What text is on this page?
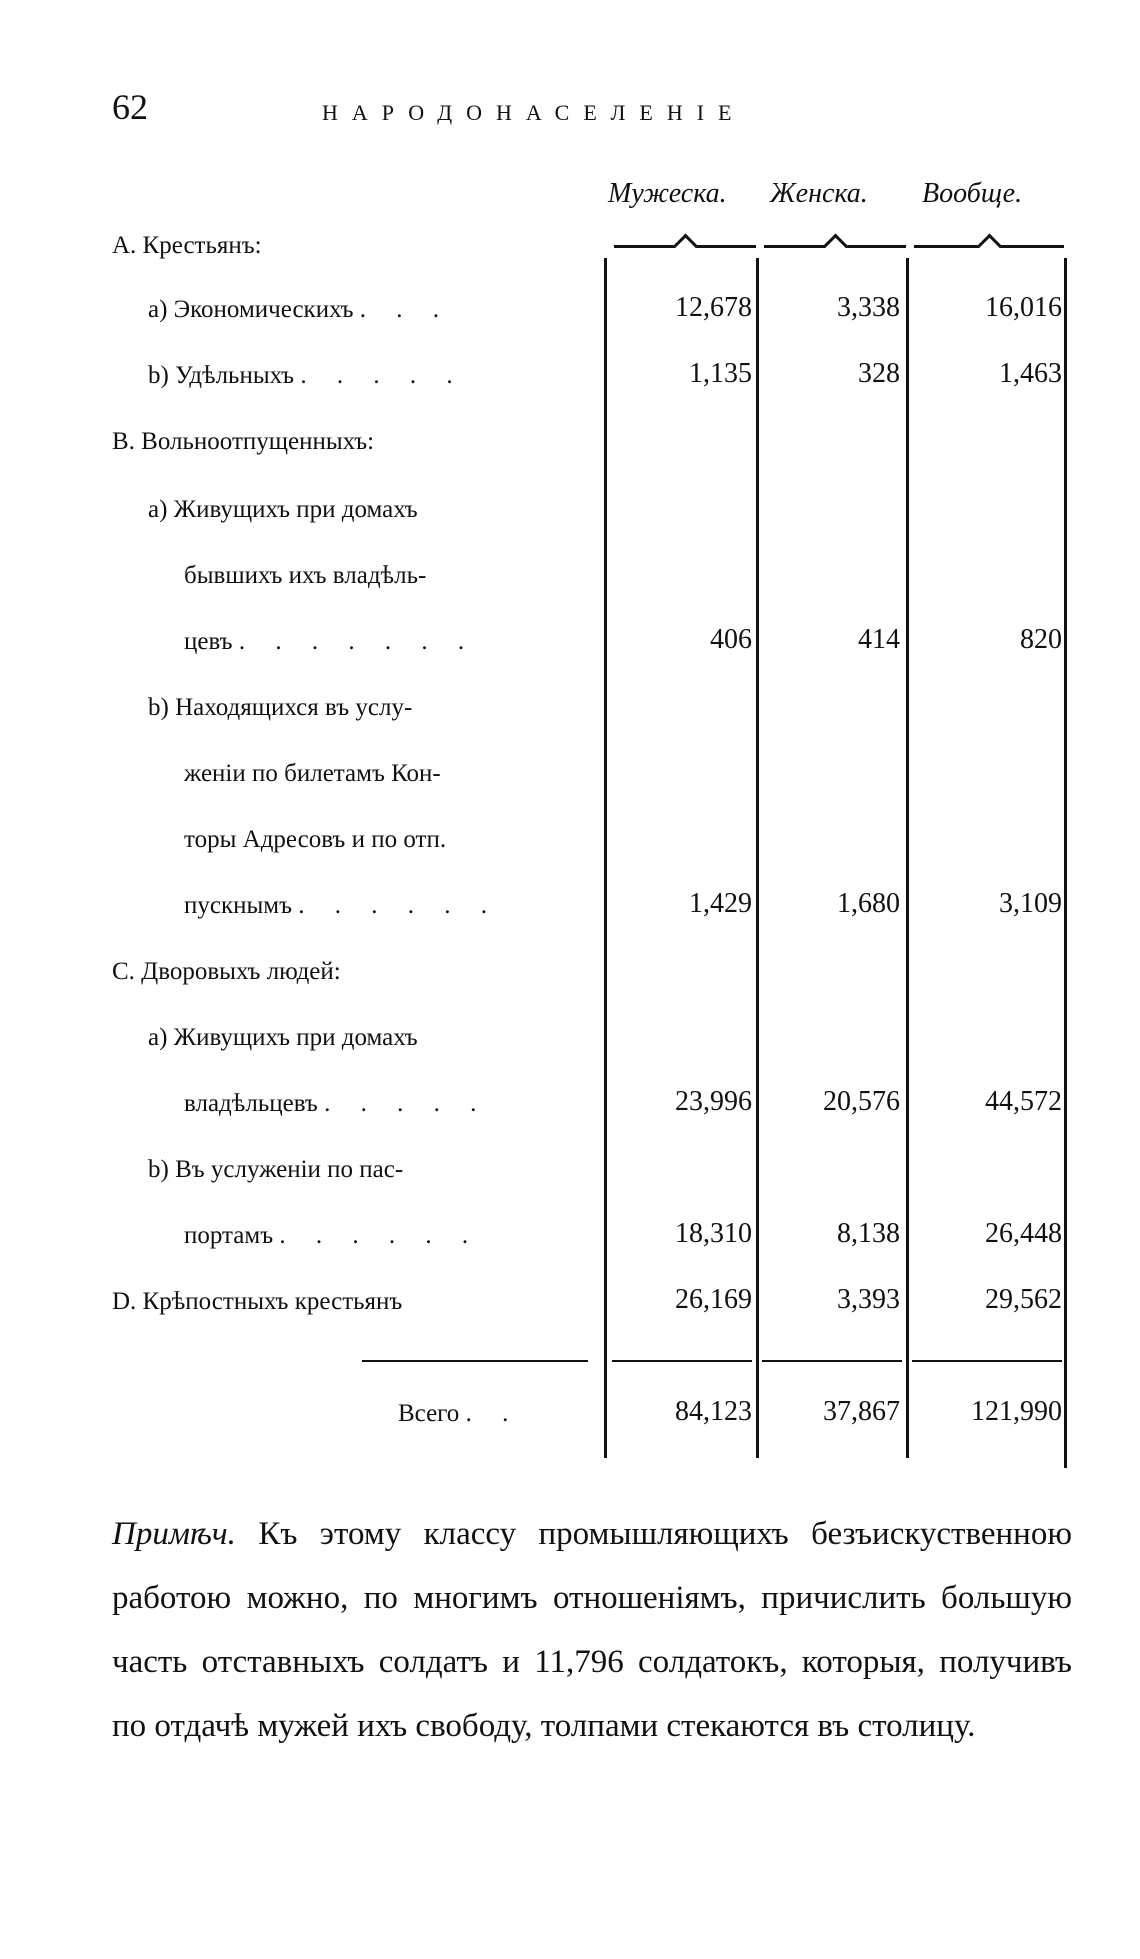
62	НАРОДОНАСЕЛЕНІЕ
Мужеска. Женска. Вообще.
А. Крестьянъ:
а) Экономическихъ . . .	12,678	3,338	16,016
b) Удѣльныхъ . . . . .	1,135	328	1,463
В. Вольноотпущенныхъ:
а) Живущихъ при домахъ
бывшихъ ихъ владѣль-
цевъ . . . . . . .	406	414	820
b) Находящихся въ услу-
женіи по билетамъ Кон-
торы Адресовъ и по отп.
пускнымъ . . . . . .	1,429	1,680	3,109
С. Дворовыхъ людей:
а) Живущихъ при домахъ
владѣльцевъ . . . . .	23,996	20,576	44,572
b) Въ услуженіи по пас-
портамъ . . . . . .	18,310	8,138	26,448
D. Крѣпостныхъ крестьянъ	26,169	3,393	29,562
Всего . .	84,123	37,867	121,990
Примѣч. Къ этому классу промышляющихъ безъискуственною работою можно, по многимъ отношеніямъ, причислить большую часть отставныхъ солдатъ и 11,796 солдатокъ, которыя, получивъ по отдачѣ мужей ихъ свободу, толпами стекаются въ столицу.
